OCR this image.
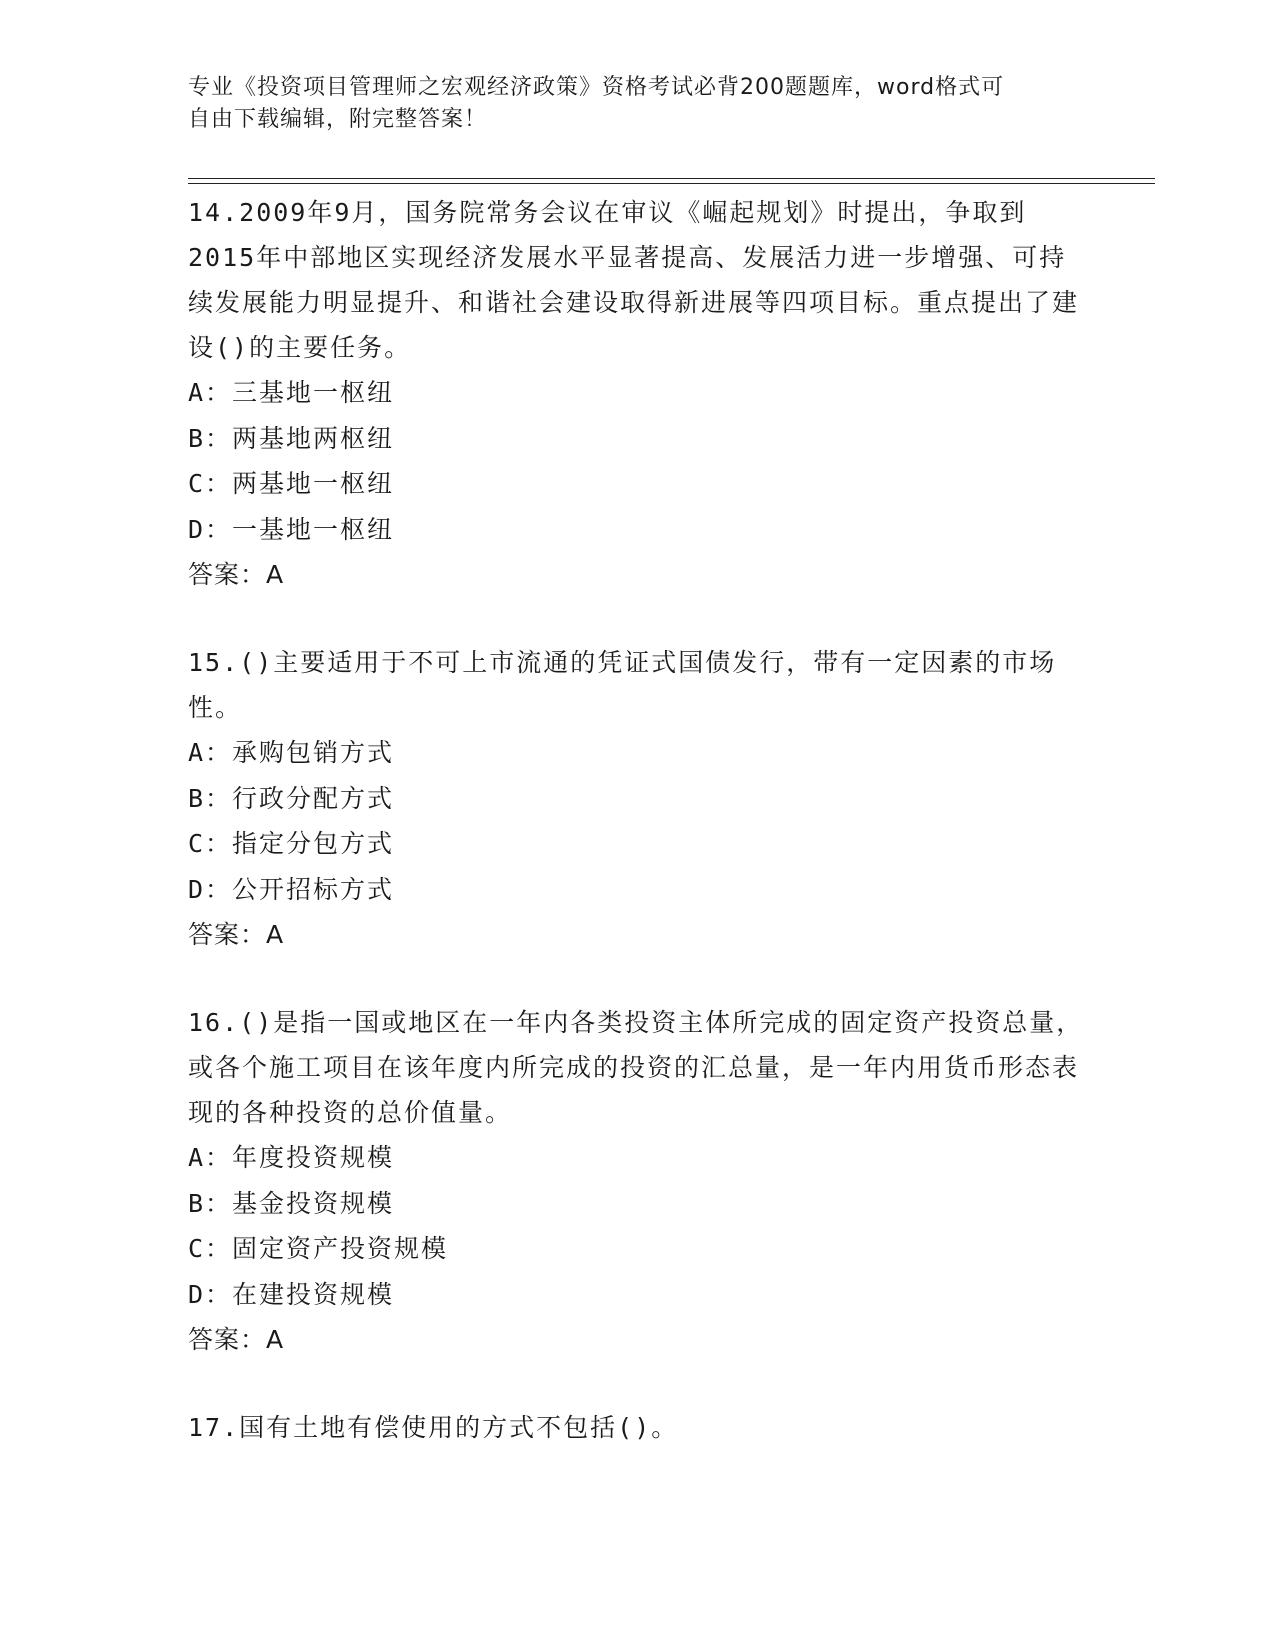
专业《投资项目管理师之宏观经济政策》资格考试必背200题题库，word格式可
自由下载编辑，附完整答案！
14.2009年9月，国务院常务会议在审议《崛起规划》时提出，争取到2015年中部地区实现经济发展水平显著提高、发展活力进一步增强、可持续发展能力明显提升、和谐社会建设取得新进展等四项目标。重点提出了建设()的主要任务。
A：三基地一枢纽
B：两基地两枢纽
C：两基地一枢纽
D：一基地一枢纽
答案：A
15.()主要适用于不可上市流通的凭证式国债发行，带有一定因素的市场性。
A：承购包销方式
B：行政分配方式
C：指定分包方式
D：公开招标方式
答案：A
16.()是指一国或地区在一年内各类投资主体所完成的固定资产投资总量，或各个施工项目在该年度内所完成的投资的汇总量，是一年内用货币形态表现的各种投资的总价值量。
A：年度投资规模
B：基金投资规模
C：固定资产投资规模
D：在建投资规模
答案：A
17.国有土地有偿使用的方式不包括()。
